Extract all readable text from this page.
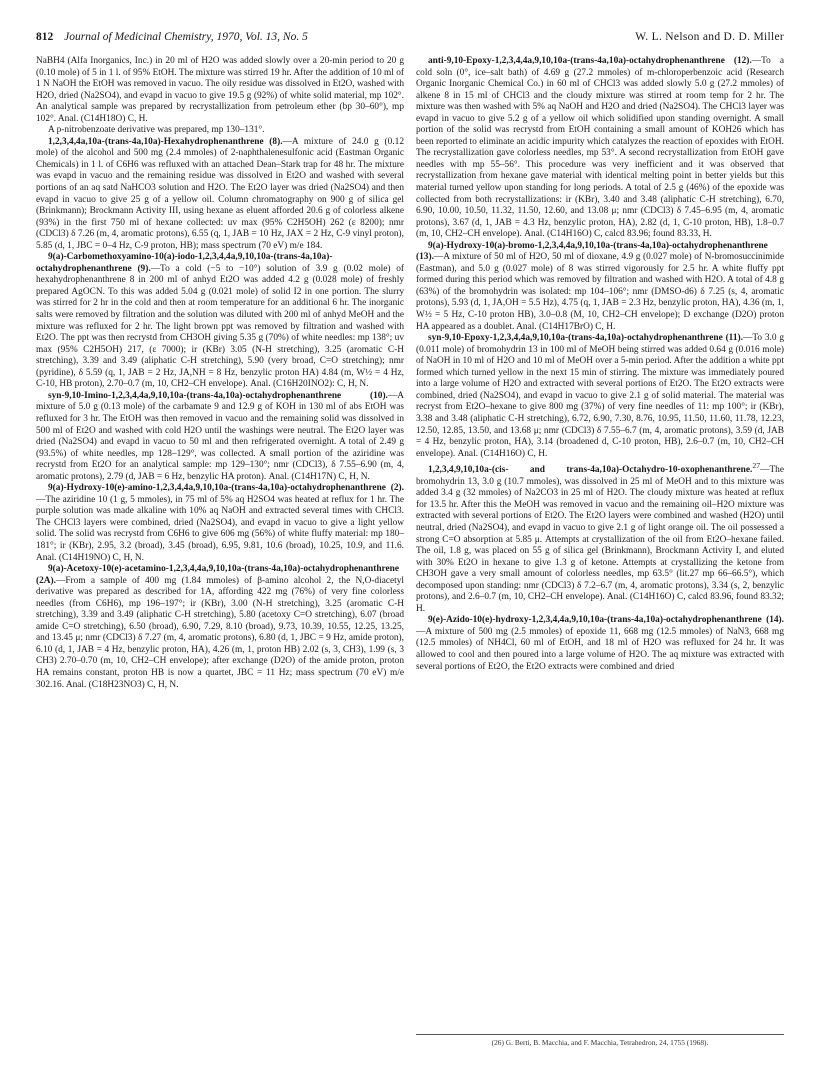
812 Journal of Medicinal Chemistry, 1970, Vol. 13, No. 5	W. L. Nelson and D. D. Miller

NaBH4 (Alfa Inorganics, Inc.) in 20 ml of H2O was added slowly over a 20-min period to 20 g (0.10 mole) of 5 in 1 l. of 95% EtOH. The mixture was stirred 19 hr. After the addition of 10 ml of 1 N NaOH the EtOH was removed in vacuo. The oily residue was dissolved in Et2O, washed with H2O, dried (Na2SO4), and evapd in vacuo to give 19.5 g (92%) of white solid material, mp 102°. An analytical sample was prepared by recrystallization from petroleum ether (bp 30–60°), mp 102°. Anal. (C14H18O) C, H.

A p-nitrobenzoate derivative was prepared, mp 130–131°.

1,2,3,4,4a,10a-(trans-4a,10a)-Hexahydrophenanthrene (8).—A mixture of 24.0 g (0.12 mole) of the alcohol and 500 mg (2.4 mmoles) of 2-naphthalenesulfonic acid (Eastman Organic Chemicals) in 1 l. of C6H6 was refluxed with an attached Dean–Stark trap for 48 hr. The mixture was evapd in vacuo and the remaining residue was dissolved in Et2O and washed with several portions of an aq satd NaHCO3 solution and H2O. The Et2O layer was dried (Na2SO4) and then evapd in vacuo to give 25 g of a yellow oil. Column chromatography on 900 g of silica gel (Brinkmann); Brockmann Activity III, using hexane as eluent afforded 20.6 g of colorless alkene (93%) in the first 750 ml of hexane collected: uv max (95% C2H5OH) 262 (ε 8200); nmr (CDCl3) δ 7.26 (m, 4, aromatic protons), 6.55 (q, 1, JAB = 10 Hz, JAX = 2 Hz, C-9 vinyl proton), 5.85 (d, 1, JBC = 0–4 Hz, C-9 proton, HB); mass spectrum (70 eV) m/e 184.

9(a)-Carbomethoxyamino-10(a)-iodo-1,2,3,4,4a,9,10,10a-(trans-4a,10a)-octahydrophenanthrene (9).—To a cold (−5 to −10°) solution of 3.9 g (0.02 mole) of hexahydrophenanthrene 8 in 200 ml of anhyd Et2O was added 4.2 g (0.028 mole) of freshly prepared AgOCN. To this was added 5.04 g (0.021 mole) of solid I2 in one portion. The slurry was stirred for 2 hr in the cold and then at room temperature for an additional 6 hr. The inorganic salts were removed by filtration and the solution was diluted with 200 ml of anhyd MeOH and the mixture was refluxed for 2 hr. The light brown ppt was removed by filtration and washed with Et2O. The ppt was then recrystd from CH3OH giving 5.35 g (70%) of white needles: mp 138°; uv max (95% C2H5OH) 217, (ε 7000); ir (KBr) 3.05 (N-H stretching), 3.25 (aromatic C-H stretching), 3.39 and 3.49 (aliphatic C-H stretching), 5.90 (very broad, C=O stretching); nmr (pyridine), δ 5.59 (q, 1, JAB = 2 Hz, JA,NH = 8 Hz, benzylic proton HA) 4.84 (m, W½ = 4 Hz, C-10, HB proton), 2.70–0.7 (m, 10, CH2–CH envelope). Anal. (C16H20INO2): C, H, N.

syn-9,10-Imino-1,2,3,4,4a,9,10,10a-(trans-4a,10a)-octahydrophenanthrene (10).—A mixture of 5.0 g (0.13 mole) of the carbamate 9 and 12.9 g of KOH in 130 ml of abs EtOH was refluxed for 3 hr. The EtOH was then removed in vacuo and the remaining solid was dissolved in 500 ml of Et2O and washed with cold H2O until the washings were neutral. The Et2O layer was dried (Na2SO4) and evapd in vacuo to 50 ml and then refrigerated overnight. A total of 2.49 g (93.5%) of white needles, mp 128–129°, was collected. A small portion of the aziridine was recrystd from Et2O for an analytical sample: mp 129–130°; nmr (CDCl3), δ 7.55–6.90 (m, 4, aromatic protons), 2.79 (d, JAB = 6 Hz, benzylic HA proton). Anal. (C14H17N) C, H, N.

9(a)-Hydroxy-10(e)-amino-1,2,3,4,4a,9,10,10a-(trans-4a,10a)-octahydrophenanthrene (2).—The aziridine 10 (1 g, 5 mmoles), in 75 ml of 5% aq H2SO4 was heated at reflux for 1 hr. The purple solution was made alkaline with 10% aq NaOH and extracted several times with CHCl3. The CHCl3 layers were combined, dried (Na2SO4), and evapd in vacuo to give a light yellow solid. The solid was recrystd from C6H6 to give 606 mg (56%) of white fluffy material: mp 180–181°; ir (KBr), 2.95, 3.2 (broad), 3.45 (broad), 6.95, 9.81, 10.6 (broad), 10.25, 10.9, and 11.6. Anal. (C14H19NO) C, H, N.

9(a)-Acetoxy-10(e)-acetamino-1,2,3,4,4a,9,10,10a-(trans-4a,10a)-octahydrophenanthrene (2A).—From a sample of 400 mg (1.84 mmoles) of β-amino alcohol 2, the N,O-diacetyl derivative was prepared as described for 1A, affording 422 mg (76%) of very fine colorless needles (from C6H6), mp 196–197°; ir (KBr), 3.00 (N-H stretching), 3.25 (aromatic C-H stretching), 3.39 and 3.49 (aliphatic C-H stretching), 5.80 (acetoxy C=O stretching), 6.07 (broad amide C=O stretching), 6.50 (broad), 6.90, 7.29, 8.10 (broad), 9.73, 10.39, 10.55, 12.25, 13.25, and 13.45 μ; nmr (CDCl3) δ 7.27 (m, 4, aromatic protons), 6.80 (d, 1, JBC = 9 Hz, amide proton), 6.10 (d, 1, JAB = 4 Hz, benzylic proton, HA), 4.26 (m, 1, proton HB) 2.02 (s, 3, CH3), 1.99 (s, 3 CH3) 2.70–0.70 (m, 10, CH2–CH envelope); after exchange (D2O) of the amide proton, proton HA remains constant, proton HB is now a quartet, JBC = 11 Hz; mass spectrum (70 eV) m/e 302.16. Anal. (C18H23NO3) C, H, N.

anti-9,10-Epoxy-1,2,3,4,4a,9,10,10a-(trans-4a,10a)-octahydrophenanthrene (12).—To a cold soln (0°, ice–salt bath) of 4.69 g (27.2 mmoles) of m-chloroperbenzoic acid (Research Organic Inorganic Chemical Co.) in 60 ml of CHCl3 was added slowly 5.0 g (27.2 mmoles) of alkene 8 in 15 ml of CHCl3 and the cloudy mixture was stirred at room temp for 2 hr. The mixture was then washed with 5% aq NaOH and H2O and dried (Na2SO4). The CHCl3 layer was evapd in vacuo to give 5.2 g of a yellow oil which solidified upon standing overnight. A small portion of the solid was recrystd from EtOH containing a small amount of KOH26 which has been reported to eliminate an acidic impurity which catalyzes the reaction of epoxides with EtOH. The recrystallization gave colorless needles, mp 53°. A second recrystallization from EtOH gave needles with mp 55–56°. This procedure was very inefficient and it was observed that recrystallization from hexane gave material with identical melting point in better yields but this material turned yellow upon standing for long periods. A total of 2.5 g (46%) of the epoxide was collected from both recrystallizations: ir (KBr), 3.40 and 3.48 (aliphatic C-H stretching), 6.70, 6.90, 10.00, 10.50, 11.32, 11.50, 12.60, and 13.08 μ; nmr (CDCl3) δ 7.45–6.95 (m, 4, aromatic protons), 3.67 (d, 1, JAB = 4.3 Hz, benzylic proton, HA), 2.82 (d, 1, C-10 proton, HB), 1.8–0.7 (m, 10, CH2–CH envelope). Anal. (C14H16O) C, calcd 83.96; found 83.33, H.

9(a)-Hydroxy-10(a)-bromo-1,2,3,4,4a,9,10,10a-(trans-4a,10a)-octahydrophenanthrene (13).—A mixture of 50 ml of H2O, 50 ml of dioxane, 4.9 g (0.027 mole) of N-bromosuccinimide (Eastman), and 5.0 g (0.027 mole) of 8 was stirred vigorously for 2.5 hr. A white fluffy ppt formed during this period which was removed by filtration and washed with H2O. A total of 4.8 g (63%) of the bromohydrin was isolated: mp 104–106°; nmr (DMSO-d6) δ 7.25 (s, 4, aromatic protons), 5.93 (d, 1, JA,OH = 5.5 Hz), 4.75 (q, 1, JAB = 2.3 Hz, benzylic proton, HA), 4.36 (m, 1, W½ = 5 Hz, C-10 proton HB), 3.0–0.8 (M, 10, CH2–CH envelope); D exchange (D2O) proton HA appeared as a doublet. Anal. (C14H17BrO) C, H.

syn-9,10-Epoxy-1,2,3,4,4a,9,10,10a-(trans-4a,10a)-octahydrophenanthrene (11).—To 3.0 g (0.011 mole) of bromohydrin 13 in 100 ml of MeOH being stirred was added 0.64 g (0.016 mole) of NaOH in 10 ml of H2O and 10 ml of MeOH over a 5-min period. After the addition a white ppt formed which turned yellow in the next 15 min of stirring. The mixture was immediately poured into a large volume of H2O and extracted with several portions of Et2O. The Et2O extracts were combined, dried (Na2SO4), and evapd in vacuo to give 2.1 g of solid material. The material was recryst from Et2O–hexane to give 800 mg (37%) of very fine needles of 11: mp 100°; ir (KBr), 3.38 and 3.48 (aliphatic C-H stretching), 6.72, 6.90, 7.30, 8.76, 10.95, 11.50, 11.60, 11.78, 12.23, 12.50, 12.85, 13.50, and 13.68 μ; nmr (CDCl3) δ 7.55–6.7 (m, 4, aromatic protons), 3.59 (d, JAB = 4 Hz, benzylic proton, HA), 3.14 (broadened d, C-10 proton, HB), 2.6–0.7 (m, 10, CH2–CH envelope). Anal. (C14H16O) C, H.

1,2,3,4,9,10,10a-(cis- and trans-4a,10a)-Octahydro-10-oxophenanthrene.$^{27}$—The bromohydrin 13, 3.0 g (10.7 mmoles), was dissolved in 25 ml of MeOH and to this mixture was added 3.4 g (32 mmoles) of Na2CO3 in 25 ml of H2O. The cloudy mixture was heated at reflux for 13.5 hr. After this the MeOH was removed in vacuo and the remaining oil–H2O mixture was extracted with several portions of Et2O. The Et2O layers were combined and washed (H2O) until neutral, dried (Na2SO4), and evapd in vacuo to give 2.1 g of light orange oil. The oil possessed a strong C=O absorption at 5.85 μ. Attempts at crystallization of the oil from Et2O–hexane failed. The oil, 1.8 g, was placed on 55 g of silica gel (Brinkmann), Brockmann Activity I, and eluted with 30% Et2O in hexane to give 1.3 g of ketone. Attempts at crystallizing the ketone from CH3OH gave a very small amount of colorless needles, mp 63.5° (lit.27 mp 66–66.5°), which decomposed upon standing: nmr (CDCl3) δ 7.2–6.7 (m, 4, aromatic protons), 3.34 (s, 2, benzylic protons), and 2.6–0.7 (m, 10, CH2–CH envelope). Anal. (C14H16O) C, calcd 83.96, found 83.32; H.

9(e)-Azido-10(e)-hydroxy-1,2,3,4,4a,9,10,10a-(trans-4a,10a)-octahydrophenanthrene (14).—A mixture of 500 mg (2.5 mmoles) of epoxide 11, 668 mg (12.5 mmoles) of NaN3, 668 mg (12.5 mmoles) of NH4Cl, 60 ml of EtOH, and 18 ml of H2O was refluxed for 24 hr. It was allowed to cool and then poured into a large volume of H2O. The aq mixture was extracted with several portions of Et2O, the Et2O extracts were combined and dried

(26) G. Berti, B. Macchia, and F. Macchia, Tetrahedron, 24, 1755 (1968).
